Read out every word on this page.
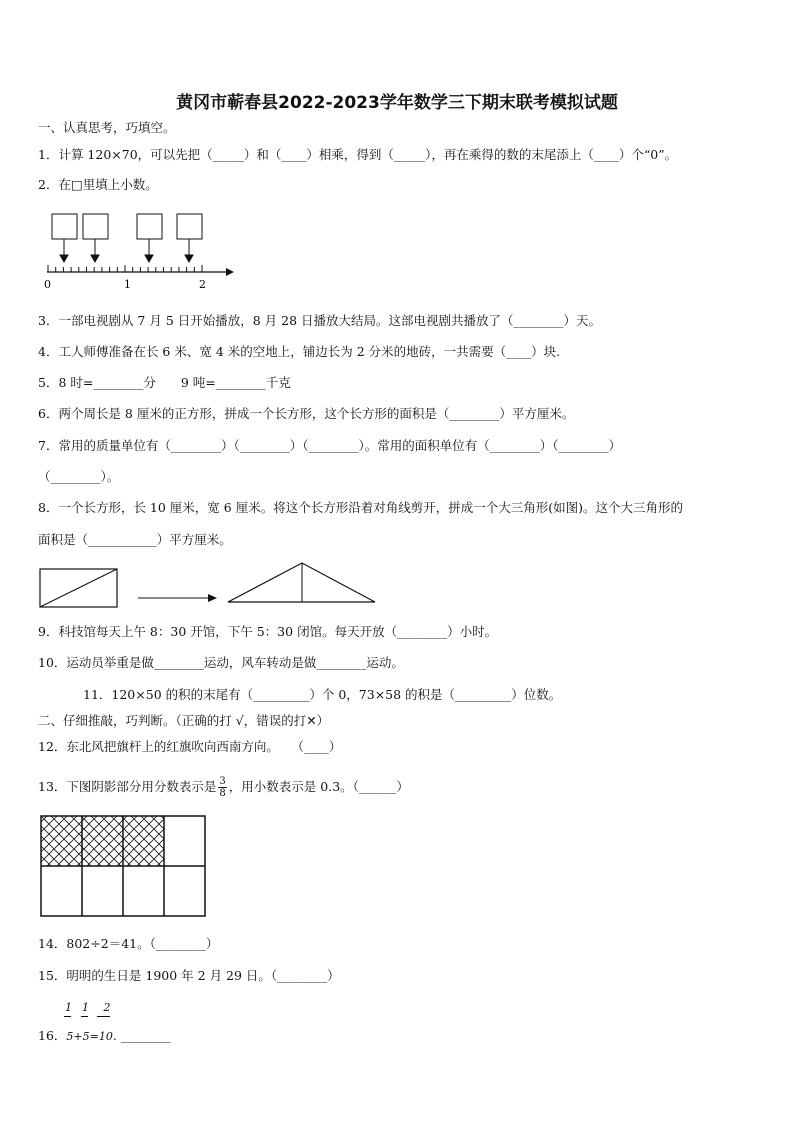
黄冈市蕲春县2022-2023学年数学三下期末联考模拟试题
一、认真思考，巧填空。
1．计算 120×70，可以先把（_____）和（____）相乘，得到（_____），再在乘得的数的末尾添上（____）个“0”。
2．在□里填上小数。
0	1	2
3．一部电视剧从 7 月 5 日开始播放，8 月 28 日播放大结局。这部电视剧共播放了（________）天。
4．工人师傅准备在长 6 米、宽 4 米的空地上，铺边长为 2 分米的地砖，一共需要（____）块.
5．8 时=________分　　9 吨=________千克
6．两个周长是 8 厘米的正方形，拼成一个长方形，这个长方形的面积是（________）平方厘米。
7．常用的质量单位有（________）（________）（________）。常用的面积单位有（________）（________）
（________）。
8．一个长方形，长 10 厘米，宽 6 厘米。将这个长方形沿着对角线剪开，拼成一个大三角形(如图)。这个大三角形的
面积是（___________）平方厘米。
9．科技馆每天上午 8：30 开馆，下午 5：30 闭馆。每天开放（________）小时。
10．运动员举重是做________运动，风车转动是做________运动。
11．120×50 的积的末尾有（_________）个 0，73×58 的积是（_________）位数。
二、仔细推敲，巧判断。（正确的打 √，错误的打✕）
12．东北风把旗杆上的红旗吹向西南方向。　　（____）
13．下图阴影部分用分数表示是 $\frac{3}{8}$ ，用小数表示是 0.3。（______）
14．802÷2＝41。（________）
15．明明的生日是 1900 年 2 月 29 日。（________）
1  1   2
16．5+5=10. ________
